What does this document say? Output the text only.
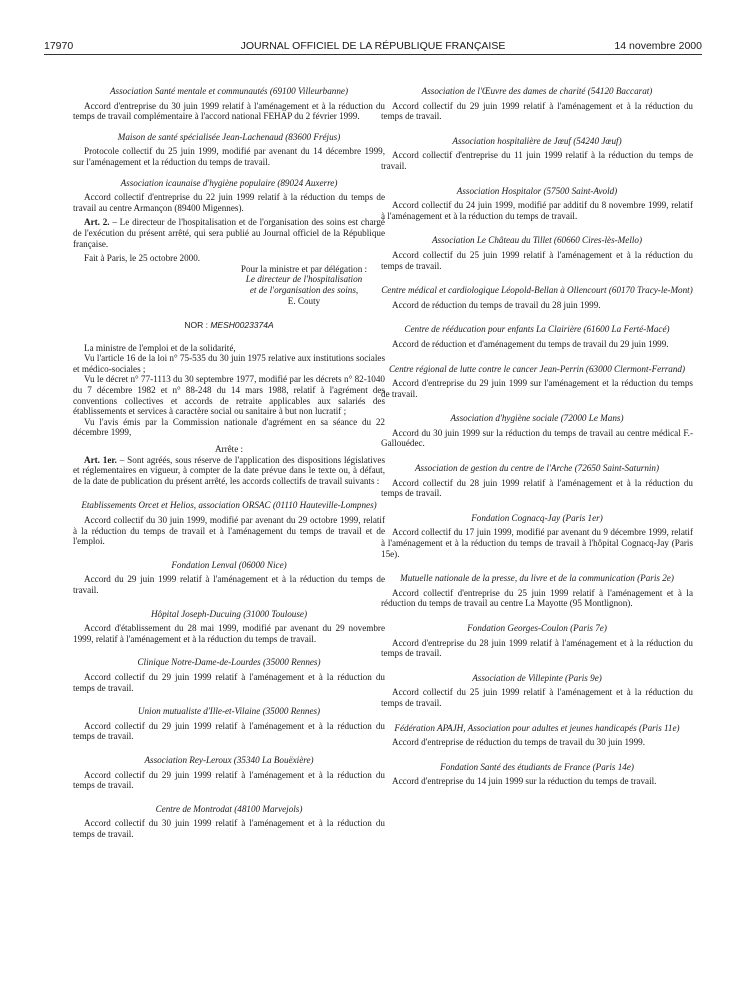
17970	JOURNAL OFFICIEL DE LA RÉPUBLIQUE FRANÇAISE	14 novembre 2000

Association Santé mentale et communautés (69100 Villeurbanne)

Accord d'entreprise du 30 juin 1999 relatif à l'aménagement et à la réduction du temps de travail complémentaire à l'accord national FEHAP du 2 février 1999.

Maison de santé spécialisée Jean-Lachenaud (83600 Fréjus)

Protocole collectif du 25 juin 1999, modifié par avenant du 14 décembre 1999, sur l'aménagement et la réduction du temps de travail.

Association icaunaise d'hygiène populaire (89024 Auxerre)

Accord collectif d'entreprise du 22 juin 1999 relatif à la réduction du temps de travail au centre Armançon (89400 Migennes).

Art. 2. – Le directeur de l'hospitalisation et de l'organisation des soins est chargé de l'exécution du présent arrêté, qui sera publié au Journal officiel de la République française.

Fait à Paris, le 25 octobre 2000.

Pour la ministre et par délégation :
Le directeur de l'hospitalisation
et de l'organisation des soins,
E. Couty

NOR : MESH0023374A

La ministre de l'emploi et de la solidarité,

Vu l'article 16 de la loi n° 75-535 du 30 juin 1975 relative aux institutions sociales et médico-sociales ;

Vu le décret n° 77-1113 du 30 septembre 1977, modifié par les décrets n° 82-1040 du 7 décembre 1982 et n° 88-248 du 14 mars 1988, relatif à l'agrément des conventions collectives et accords de retraite applicables aux salariés des établissements et services à caractère social ou sanitaire à but non lucratif ;

Vu l'avis émis par la Commission nationale d'agrément en sa séance du 22 décembre 1999,

Arrête :

Art. 1er. – Sont agréés, sous réserve de l'application des dispositions législatives et réglementaires en vigueur, à compter de la date prévue dans le texte ou, à défaut, de la date de publication du présent arrêté, les accords collectifs de travail suivants :

Etablissements Orcet et Helios, association ORSAC (01110 Hauteville-Lompnes)

Accord collectif du 30 juin 1999, modifié par avenant du 29 octobre 1999, relatif à la réduction du temps de travail et à l'aménagement du temps de travail et de l'emploi.

Fondation Lenval (06000 Nice)

Accord du 29 juin 1999 relatif à l'aménagement et à la réduction du temps de travail.

Hôpital Joseph-Ducuing (31000 Toulouse)

Accord d'établissement du 28 mai 1999, modifié par avenant du 29 novembre 1999, relatif à l'aménagement et à la réduction du temps de travail.

Clinique Notre-Dame-de-Lourdes (35000 Rennes)

Accord collectif du 29 juin 1999 relatif à l'aménagement et à la réduction du temps de travail.

Union mutualiste d'Ille-et-Vilaine (35000 Rennes)

Accord collectif du 29 juin 1999 relatif à l'aménagement et à la réduction du temps de travail.

Association Rey-Leroux (35340 La Bouëxière)

Accord collectif du 29 juin 1999 relatif à l'aménagement et à la réduction du temps de travail.

Centre de Montrodat (48100 Marvejols)

Accord collectif du 30 juin 1999 relatif à l'aménagement et à la réduction du temps de travail.

Association de l'Œuvre des dames de charité (54120 Baccarat)

Accord collectif du 29 juin 1999 relatif à l'aménagement et à la réduction du temps de travail.

Association hospitalière de Jœuf (54240 Jœuf)

Accord collectif d'entreprise du 11 juin 1999 relatif à la réduction du temps de travail.

Association Hospitalor (57500 Saint-Avold)

Accord collectif du 24 juin 1999, modifié par additif du 8 novembre 1999, relatif à l'aménagement et à la réduction du temps de travail.

Association Le Château du Tillet (60660 Cires-lès-Mello)

Accord collectif du 25 juin 1999 relatif à l'aménagement et à la réduction du temps de travail.

Centre médical et cardiologique Léopold-Bellan à Ollencourt (60170 Tracy-le-Mont)

Accord de réduction du temps de travail du 28 juin 1999.

Centre de rééducation pour enfants La Clairière (61600 La Ferté-Macé)

Accord de réduction et d'aménagement du temps de travail du 29 juin 1999.

Centre régional de lutte contre le cancer Jean-Perrin (63000 Clermont-Ferrand)

Accord d'entreprise du 29 juin 1999 sur l'aménagement et la réduction du temps de travail.

Association d'hygiène sociale (72000 Le Mans)

Accord du 30 juin 1999 sur la réduction du temps de travail au centre médical F.-Gallouédec.

Association de gestion du centre de l'Arche (72650 Saint-Saturnin)

Accord collectif du 28 juin 1999 relatif à l'aménagement et à la réduction du temps de travail.

Fondation Cognacq-Jay (Paris 1er)

Accord collectif du 17 juin 1999, modifié par avenant du 9 décembre 1999, relatif à l'aménagement et à la réduction du temps de travail à l'hôpital Cognacq-Jay (Paris 15e).

Mutuelle nationale de la presse, du livre et de la communication (Paris 2e)

Accord collectif d'entreprise du 25 juin 1999 relatif à l'aménagement et à la réduction du temps de travail au centre La Mayotte (95 Montlignon).

Fondation Georges-Coulon (Paris 7e)

Accord d'entreprise du 28 juin 1999 relatif à l'aménagement et à la réduction du temps de travail.

Association de Villepinte (Paris 9e)

Accord collectif du 25 juin 1999 relatif à l'aménagement et à la réduction du temps de travail.

Fédération APAJH, Association pour adultes et jeunes handicapés (Paris 11e)

Accord d'entreprise de réduction du temps de travail du 30 juin 1999.

Fondation Santé des étudiants de France (Paris 14e)

Accord d'entreprise du 14 juin 1999 sur la réduction du temps de travail.
